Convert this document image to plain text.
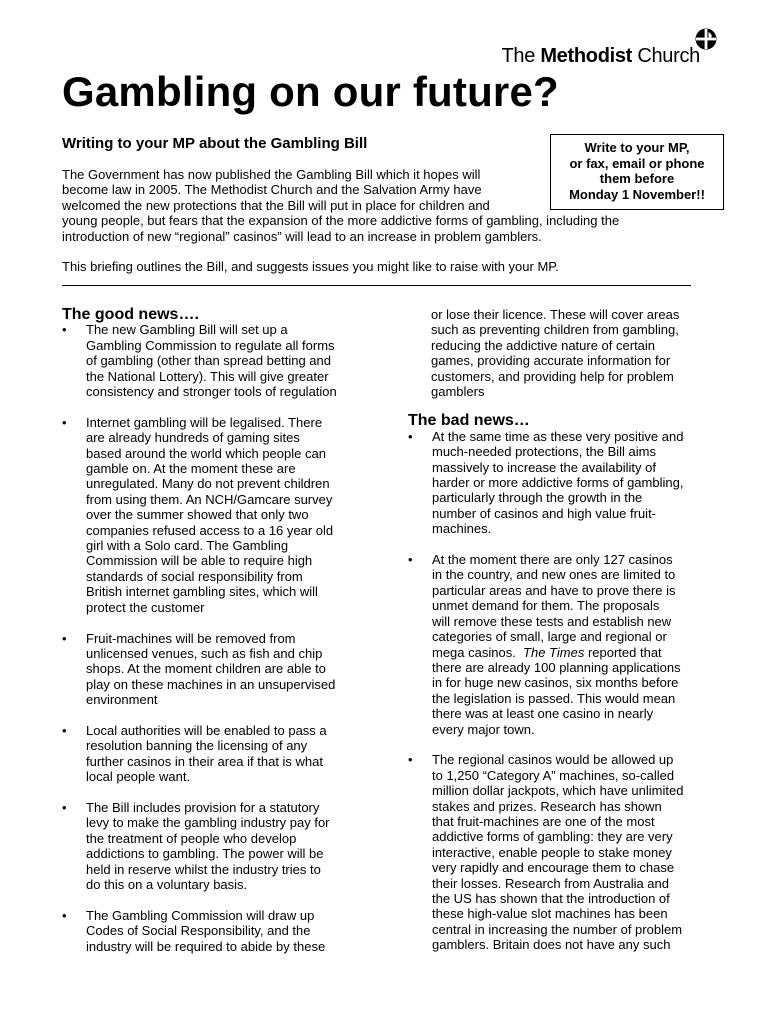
The Methodist Church
Gambling on our future?
Writing to your MP about the Gambling Bill	Write to your MP,
or fax, email or phone
them before
Monday 1 November!!

The Government has now published the Gambling Bill which it hopes will
become law in 2005. The Methodist Church and the Salvation Army have
welcomed the new protections that the Bill will put in place for children and
young people, but fears that the expansion of the more addictive forms of gambling, including the
introduction of new “regional” casinos” will lead to an increase in problem gamblers.

This briefing outlines the Bill, and suggests issues you might like to raise with your MP.

The good news….
• The new Gambling Bill will set up a
Gambling Commission to regulate all forms
of gambling (other than spread betting and
the National Lottery). This will give greater
consistency and stronger tools of regulation
• Internet gambling will be legalised. There
are already hundreds of gaming sites
based around the world which people can
gamble on. At the moment these are
unregulated. Many do not prevent children
from using them. An NCH/Gamcare survey
over the summer showed that only two
companies refused access to a 16 year old
girl with a Solo card. The Gambling
Commission will be able to require high
standards of social responsibility from
British internet gambling sites, which will
protect the customer
• Fruit-machines will be removed from
unlicensed venues, such as fish and chip
shops. At the moment children are able to
play on these machines in an unsupervised
environment
• Local authorities will be enabled to pass a
resolution banning the licensing of any
further casinos in their area if that is what
local people want.
• The Bill includes provision for a statutory
levy to make the gambling industry pay for
the treatment of people who develop
addictions to gambling. The power will be
held in reserve whilst the industry tries to
do this on a voluntary basis.
• The Gambling Commission will draw up
Codes of Social Responsibility, and the
industry will be required to abide by these
or lose their licence. These will cover areas
such as preventing children from gambling,
reducing the addictive nature of certain
games, providing accurate information for
customers, and providing help for problem
gamblers
The bad news…
• At the same time as these very positive and
much-needed protections, the Bill aims
massively to increase the availability of
harder or more addictive forms of gambling,
particularly through the growth in the
number of casinos and high value fruit-
machines.
• At the moment there are only 127 casinos
in the country, and new ones are limited to
particular areas and have to prove there is
unmet demand for them. The proposals
will remove these tests and establish new
categories of small, large and regional or
mega casinos.  The Times reported that
there are already 100 planning applications
in for huge new casinos, six months before
the legislation is passed. This would mean
there was at least one casino in nearly
every major town.
• The regional casinos would be allowed up
to 1,250 “Category A” machines, so-called
million dollar jackpots, which have unlimited
stakes and prizes. Research has shown
that fruit-machines are one of the most
addictive forms of gambling: they are very
interactive, enable people to stake money
very rapidly and encourage them to chase
their losses. Research from Australia and
the US has shown that the introduction of
these high-value slot machines has been
central in increasing the number of problem
gamblers. Britain does not have any such
